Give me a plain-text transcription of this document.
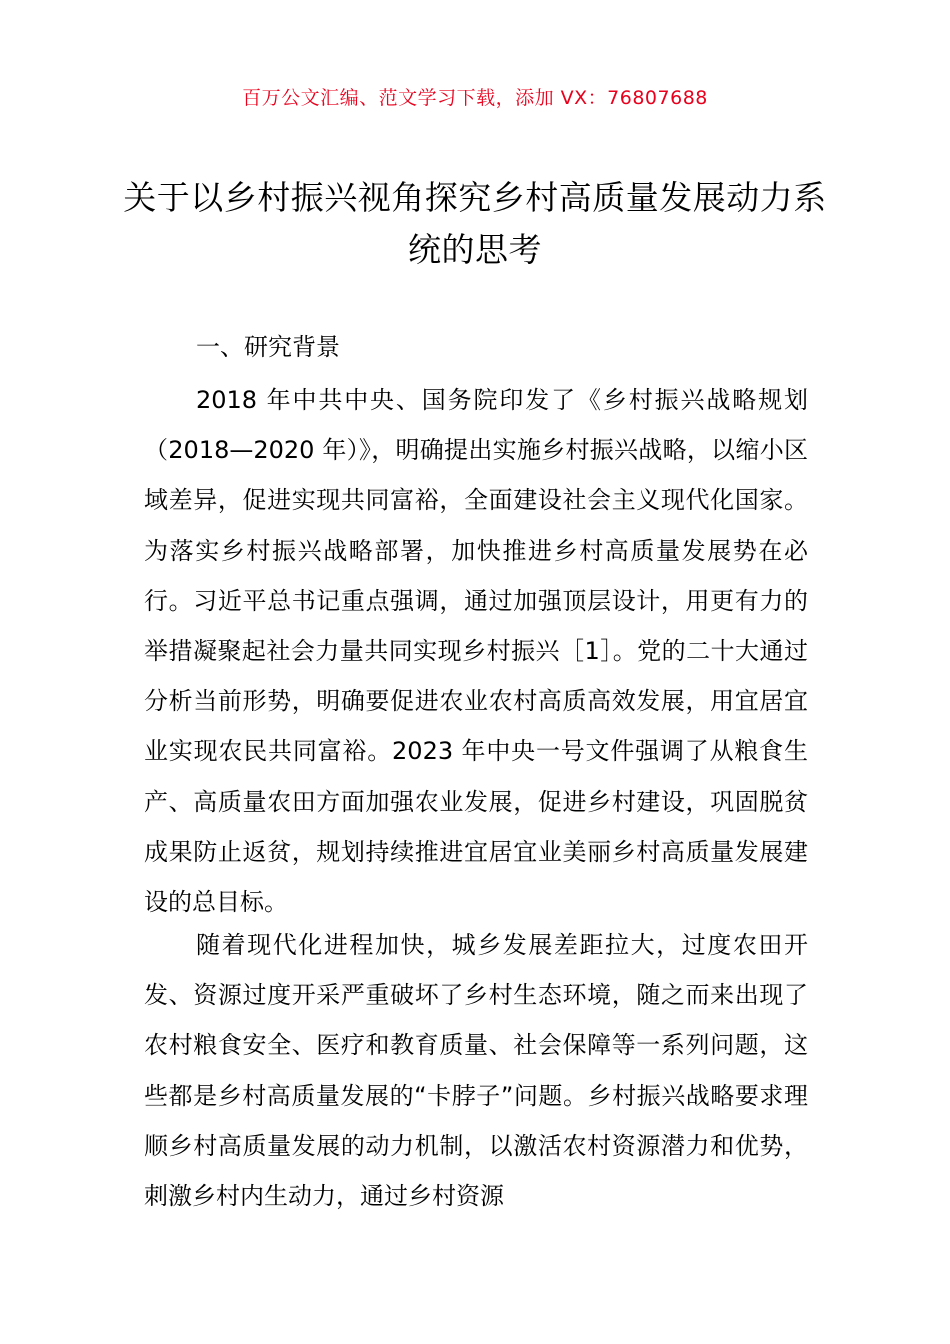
百万公文汇编、范文学习下载，添加 VX：76807688
关于以乡村振兴视角探究乡村高质量发展动力系统的思考
一、研究背景

2018 年中共中央、国务院印发了《乡村振兴战略规划（2018—2020 年）》，明确提出实施乡村振兴战略，以缩小区域差异，促进实现共同富裕，全面建设社会主义现代化国家。为落实乡村振兴战略部署，加快推进乡村高质量发展势在必行。习近平总书记重点强调，通过加强顶层设计，用更有力的举措凝聚起社会力量共同实现乡村振兴［1］。党的二十大通过分析当前形势，明确要促进农业农村高质高效发展，用宜居宜业实现农民共同富裕。2023 年中央一号文件强调了从粮食生产、高质量农田方面加强农业发展，促进乡村建设，巩固脱贫成果防止返贫，规划持续推进宜居宜业美丽乡村高质量发展建设的总目标。

随着现代化进程加快，城乡发展差距拉大，过度农田开发、资源过度开采严重破坏了乡村生态环境，随之而来出现了农村粮食安全、医疗和教育质量、社会保障等一系列问题，这些都是乡村高质量发展的“卡脖子”问题。乡村振兴战略要求理顺乡村高质量发展的动力机制，以激活农村资源潜力和优势，刺激乡村内生动力，通过乡村资源
